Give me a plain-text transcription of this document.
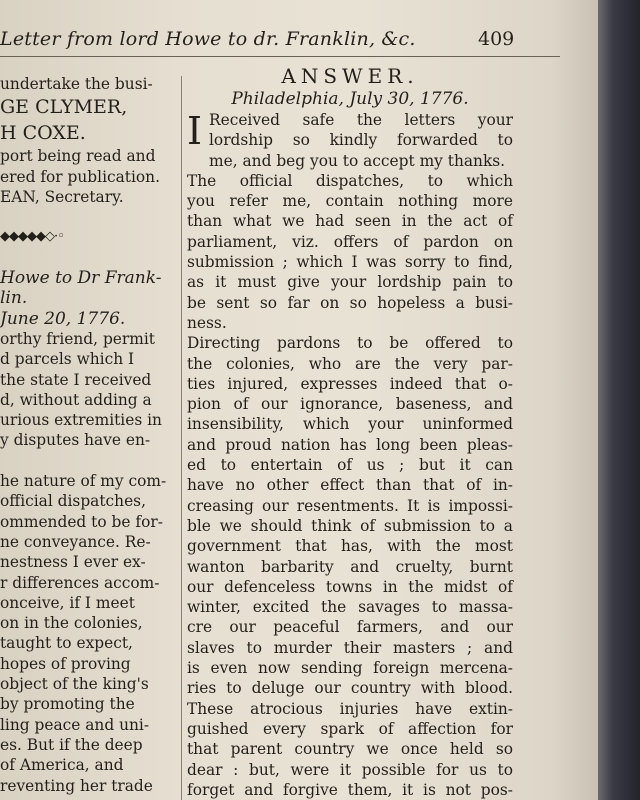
Letter from lord Howe to dr. Franklin, &c.	409
undertake the busi-
GE CLYMER,
H COXE.
port being read and
ered for publication.
EAN, Secretary.
◆◆◆◆◆◇·◦
Howe to Dr Frank-
lin.
June 20, 1776.
orthy friend, permit
d parcels which I
the state I received
d, without adding a
urious extremities in
y disputes have en-
he nature of my com-
official dispatches,
ommended to be for-
ne conveyance. Re-
nestness I ever ex-
r differences accom-
onceive, if I meet
on in the colonies,
taught to expect,
hopes of proving
object of the king's
by promoting the
ling peace and uni-
es. But if the deep
of America, and
reventing her trade
ANSWER.
Philadelphia, July 30, 1776.
Received safe the letters your
lordship so kindly forwarded to
me, and beg you to accept my thanks.
The official dispatches, to which
you refer me, contain nothing more
than what we had seen in the act of
parliament, viz. offers of pardon on
submission ; which I was sorry to find,
as it must give your lordship pain to
be sent so far on so hopeless a busi-
ness.
Directing pardons to be offered to
the colonies, who are the very par-
ties injured, expresses indeed that o-
pion of our ignorance, baseness, and
insensibility, which your uninformed
and proud nation has long been pleas-
ed to entertain of us ; but it can
have no other effect than that of in-
creasing our resentments. It is impossi-
ble we should think of submission to a
government that has, with the most
wanton barbarity and cruelty, burnt
our defenceless towns in the midst of
winter, excited the savages to massa-
cre our peaceful farmers, and our
slaves to murder their masters ; and
is even now sending foreign mercena-
ries to deluge our country with blood.
These atrocious injuries have extin-
guished every spark of affection for
that parent country we once held so
dear : but, were it possible for us to
forget and forgive them, it is not pos-
I
